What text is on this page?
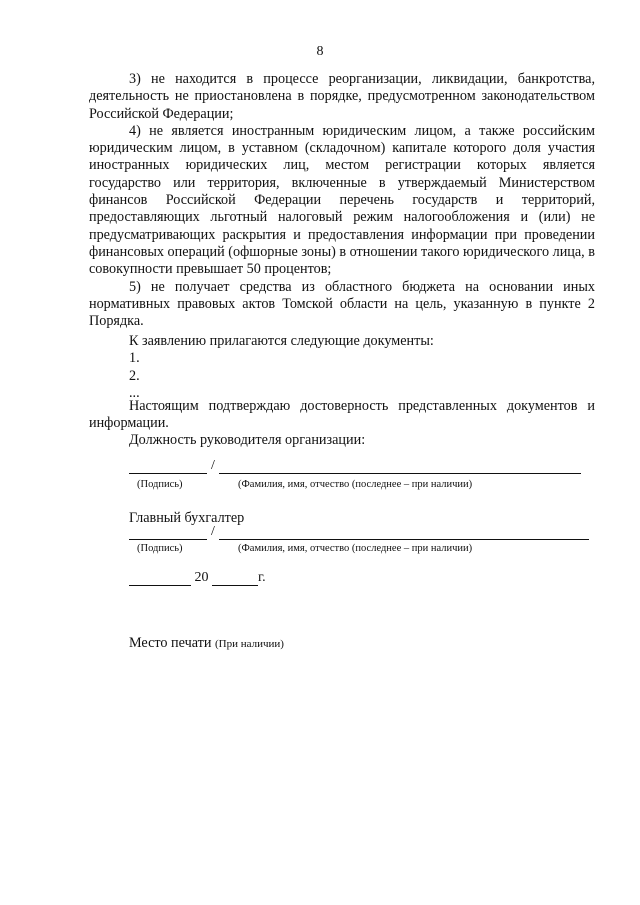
8

3) не находится в процессе реорганизации, ликвидации, банкротства, деятельность не приостановлена в порядке, предусмотренном законодательством Российской Федерации;

4) не является иностранным юридическим лицом, а также российским юридическим лицом, в уставном (складочном) капитале которого доля участия иностранных юридических лиц, местом регистрации которых является государство или территория, включенные в утверждаемый Министерством финансов Российской Федерации перечень государств и территорий, предоставляющих льготный налоговый режим налогообложения и (или) не предусматривающих раскрытия и предоставления информации при проведении финансовых операций (офшорные зоны) в отношении такого юридического лица, в совокупности превышает 50 процентов;

5) не получает средства из областного бюджета на основании иных нормативных правовых актов Томской области на цель, указанную в пункте 2 Порядка.

К заявлению прилагаются следующие документы:

1.

2.

...

Настоящим подтверждаю достоверность представленных документов и информации.

Должность руководителя организации:
/
(Подпись)	(Фамилия, имя, отчество (последнее – при наличии)
Главный бухгалтер
/
(Подпись)	(Фамилия, имя, отчество (последнее – при наличии)
20	г.
Место печати (При наличии)
